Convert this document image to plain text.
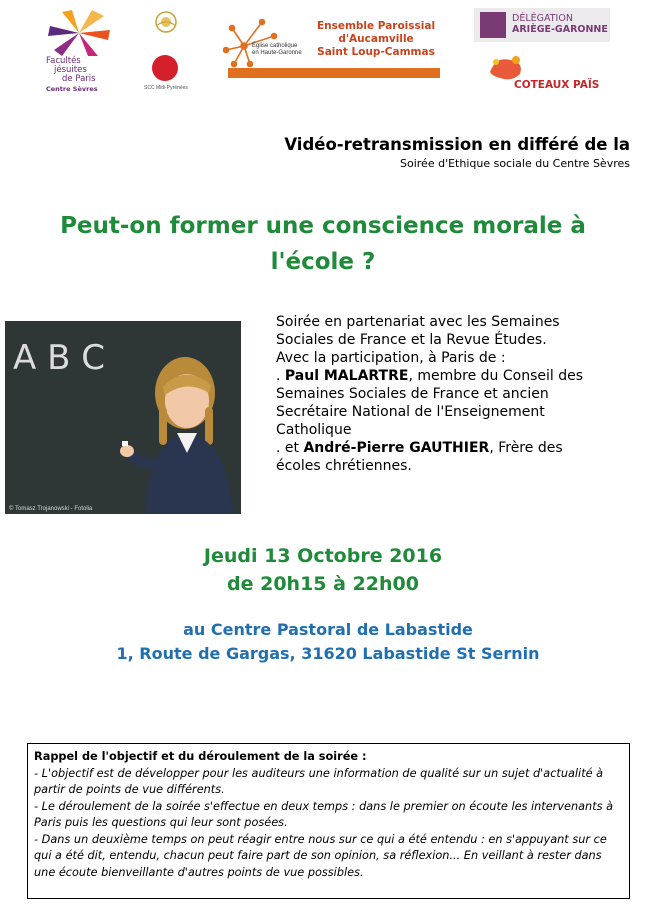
Facultés
jésuites
de Paris
Centre Sèvres	SCC Midi-Pyrénées
Église catholique
en Haute-Garonne
Ensemble Paroissial
d'Aucamville
Saint Loup-Cammas
DÉLÉGATION
ARIÈGE-GARONNE
COTEAUX PAÏS
Vidéo-retransmission en différé de la
Soirée d'Ethique sociale du Centre Sèvres
Peut-on former une conscience morale à
l'école ?
A B C
© Tomasz Trojanowski - Fotolia

Soirée en partenariat avec les Semaines Sociales de France et la Revue Études.

Avec la participation, à Paris de :

. Paul MALARTRE, membre du Conseil des Semaines Sociales de France et ancien Secrétaire National de l'Enseignement Catholique

. et André-Pierre GAUTHIER, Frère des écoles chrétiennes.

Jeudi 13 Octobre 2016
de 20h15 à 22h00
au Centre Pastoral de Labastide
1, Route de Gargas, 31620 Labastide St Sernin
Rappel de l'objectif et du déroulement de la soirée :
- L'objectif est de développer pour les auditeurs une information de qualité sur un sujet d'actualité à partir de points de vue différents.
- Le déroulement de la soirée s'effectue en deux temps : dans le premier on écoute les intervenants à Paris puis les questions qui leur sont posées.
- Dans un deuxième temps on peut réagir entre nous sur ce qui a été entendu : en s'appuyant sur ce qui a été dit, entendu, chacun peut faire part de son opinion, sa réflexion... En veillant à rester dans une écoute bienveillante d'autres points de vue possibles.
